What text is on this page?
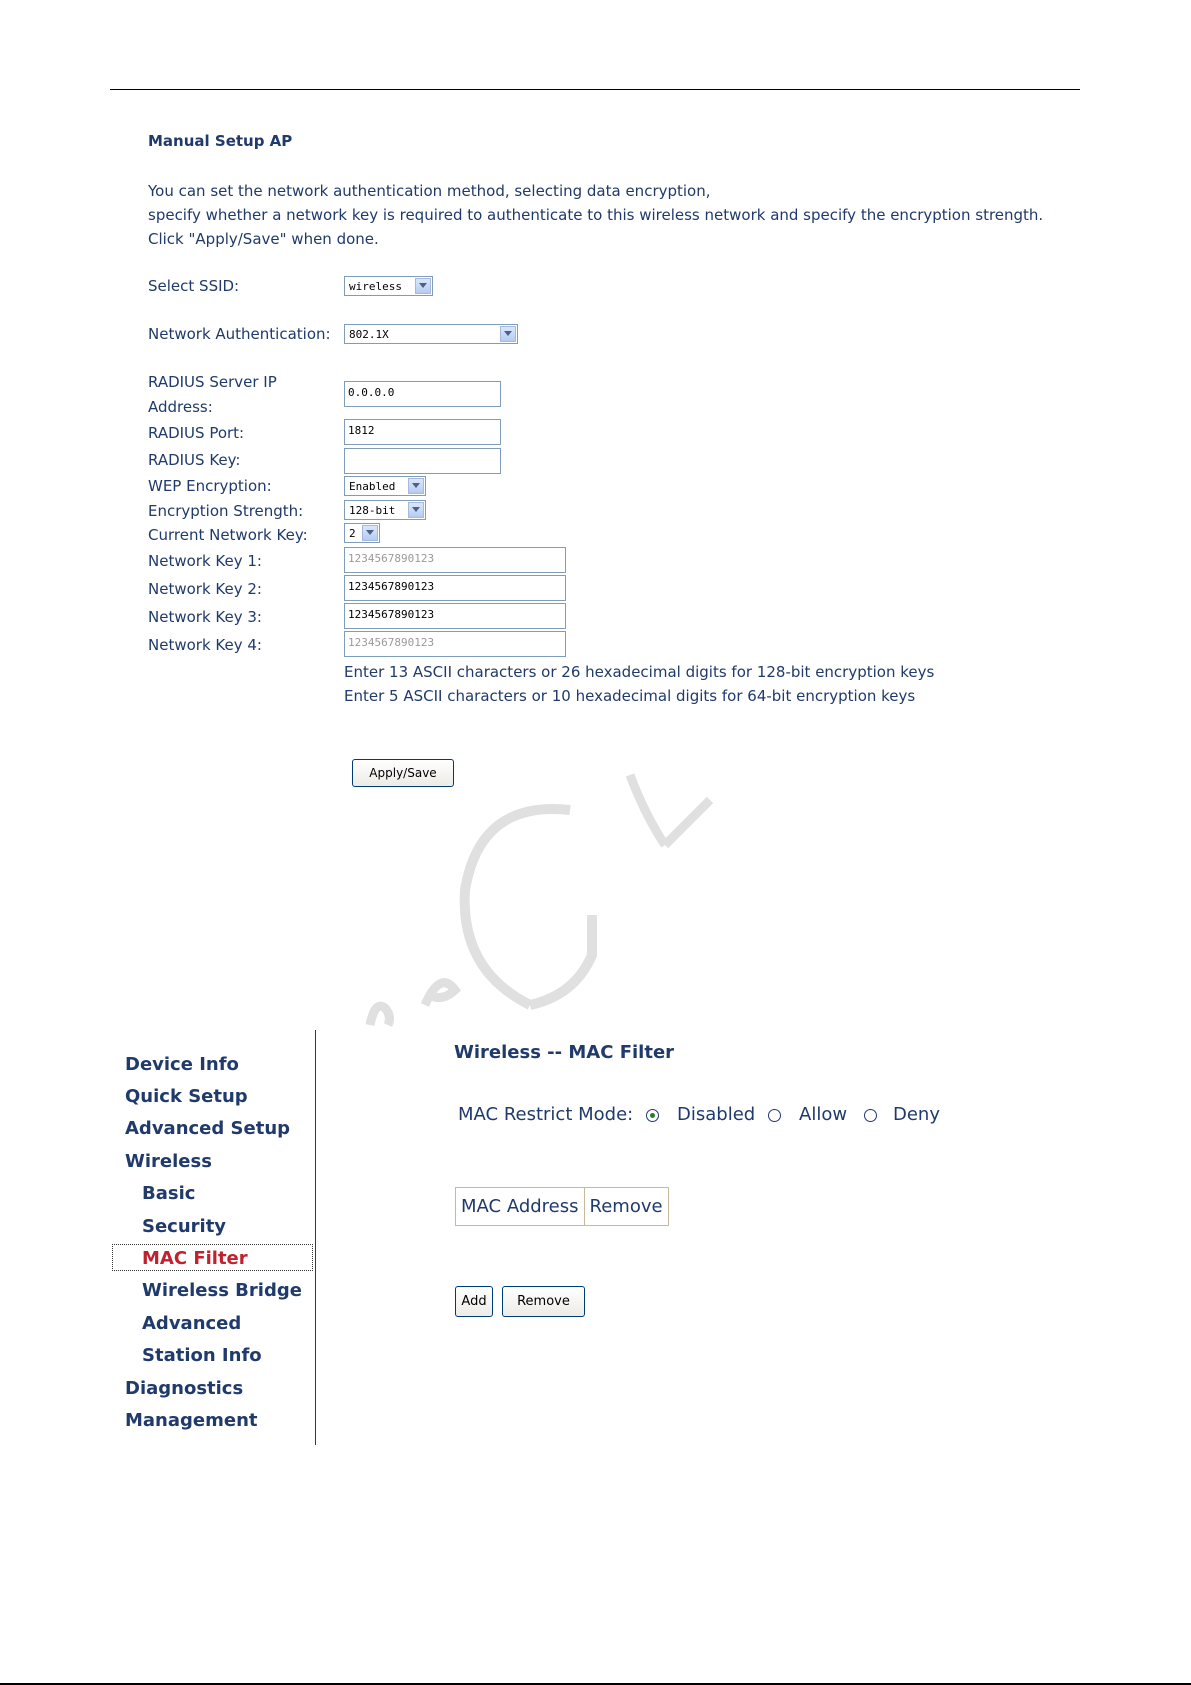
Manual Setup AP
You can set the network authentication method, selecting data encryption,
specify whether a network key is required to authenticate to this wireless network and specify the encryption strength.
Click "Apply/Save" when done.
Select SSID:	wireless
Network Authentication: 802.1X
RADIUS Server IP
Address:
0.0.0.0
RADIUS Port:	1812
RADIUS Key:
WEP Encryption:	Enabled
Encryption Strength:	128-bit
Current Network Key:	2
Network Key 1:	1234567890123
Network Key 2:	1234567890123
Network Key 3:	1234567890123
Network Key 4:	1234567890123
Enter 13 ASCII characters or 26 hexadecimal digits for 128-bit encryption keys
Enter 5 ASCII characters or 10 hexadecimal digits for 64-bit encryption keys
Apply/Save
Device Info
Quick Setup
Advanced Setup
Wireless
Basic
Security
MAC Filter
Wireless Bridge
Advanced
Station Info
Diagnostics
Management
Wireless -- MAC Filter
MAC Restrict Mode: Disabled Allow	Deny
MAC Address	Remove
Add	Remove
